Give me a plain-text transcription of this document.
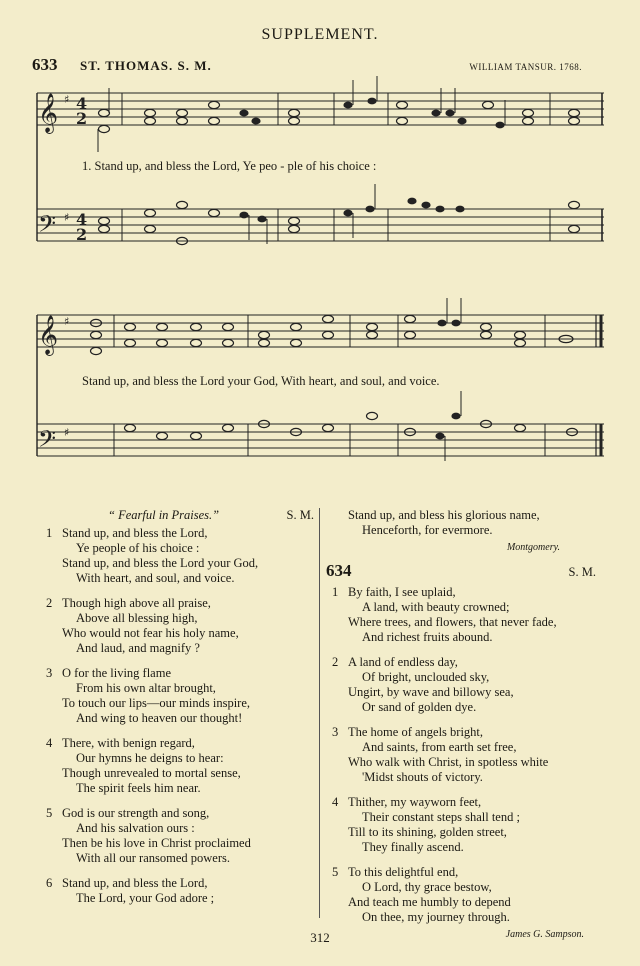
SUPPLEMENT.
633 ST. THOMAS. S. M.	WILLIAM TANSUR. 1768.
𝄞
𝄢
𝄞
𝄢
♯
♯
♯
♯
4
2
4
2
1. Stand up, and bless the Lord, Ye peo - ple of his choice :
Stand up, and bless the Lord your God, With heart, and soul, and voice.
“ Fearful in Praises.”	S. M.
1 Stand up, and bless the Lord,
Ye people of his choice :
Stand up, and bless the Lord your God,
With heart, and soul, and voice.
2 Though high above all praise,
Above all blessing high,
Who would not fear his holy name,
And laud, and magnify ?
3 O for the living flame
From his own altar brought,
To touch our lips—our minds inspire,
And wing to heaven our thought!
4 There, with benign regard,
Our hymns he deigns to hear:
Though unrevealed to mortal sense,
The spirit feels him near.
5 God is our strength and song,
And his salvation ours :
Then be his love in Christ proclaimed
With all our ransomed powers.
6 Stand up, and bless the Lord,
The Lord, your God adore ;
Stand up, and bless his glorious name,
Henceforth, for evermore.
Montgomery.
634	S. M.
1 By faith, I see uplaid,
A land, with beauty crowned;
Where trees, and flowers, that never fade,
And richest fruits abound.
2 A land of endless day,
Of bright, unclouded sky,
Ungirt, by wave and billowy sea,
Or sand of golden dye.
3 The home of angels bright,
And saints, from earth set free,
Who walk with Christ, in spotless white
'Midst shouts of victory.
4 Thither, my wayworn feet,
Their constant steps shall tend ;
Till to its shining, golden street,
They finally ascend.
5 To this delightful end,
O Lord, thy grace bestow,
And teach me humbly to depend
On thee, my journey through.
James G. Sampson.
312
